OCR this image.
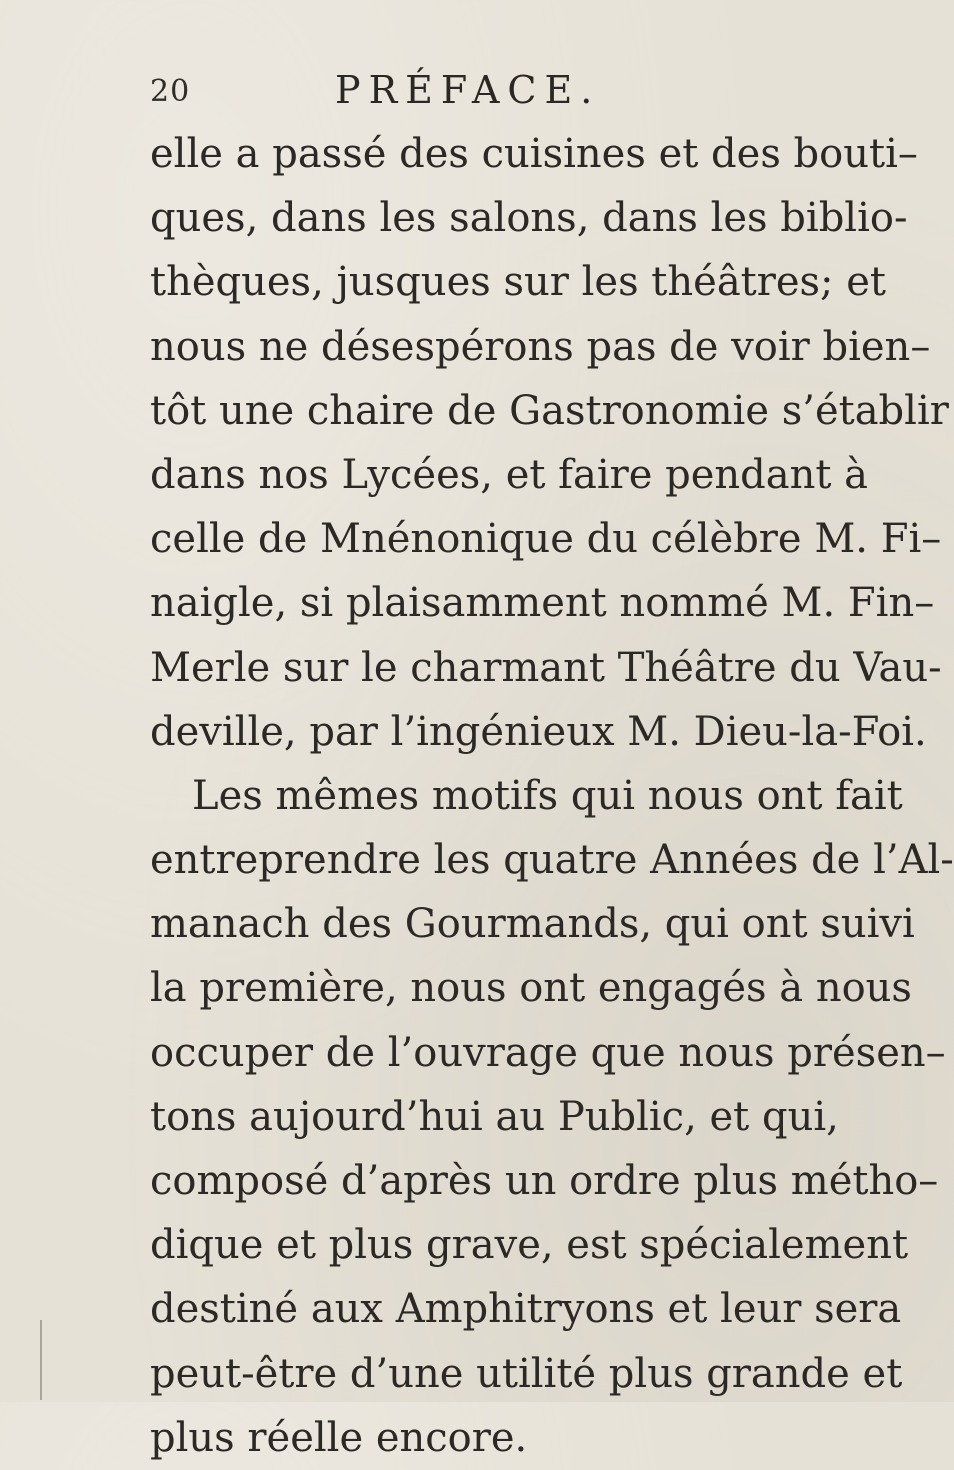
20	PRÉFACE.
elle a passé des cuisines et des bouti–
ques, dans les salons, dans les biblio-
thèques, jusques sur les théâtres; et
nous ne désespérons pas de voir bien–
tôt une chaire de Gastronomie s’établir
dans nos Lycées, et faire pendant à
celle de Mnénonique du célèbre M. Fi–
naigle, si plaisamment nommé M. Fin–
Merle sur le charmant Théâtre du Vau-
deville, par l’ingénieux M. Dieu-la-Foi.
Les mêmes motifs qui nous ont fait
entreprendre les quatre Années de l’Al-
manach des Gourmands, qui ont suivi
la première, nous ont engagés à nous
occuper de l’ouvrage que nous présen–
tons aujourd’hui au Public, et qui,
composé d’après un ordre plus métho–
dique et plus grave, est spécialement
destiné aux Amphitryons et leur sera
peut-être d’une utilité plus grande et
plus réelle encore.
